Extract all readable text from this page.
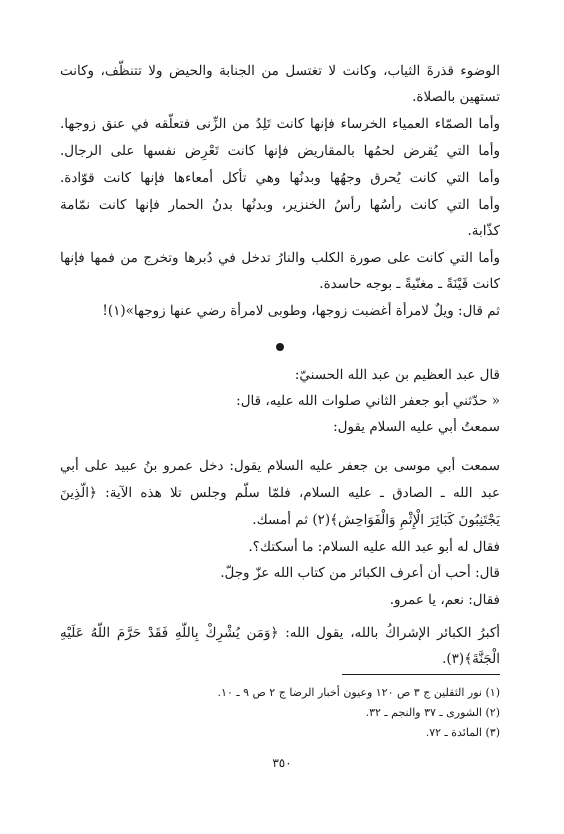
الوضوء قذرةَ الثياب، وكانت لا تغتسل من الجنابة والحيض ولا تتنظّف، وكانت
تستهين بالصلاة.
وأما الصمّاء العمياء الخرساء فإنها كانت تَلِدُ من الزِّنى فتعلّقه في عنق زوجها.
وأما التي يُقرض لحمُها بالمقاريض فإنها كانت تَعْرِض نفسها على الرجال.
وأما التي كانت يُحرق وجهُها وبدنُها وهي تأكل أمعاءها فإنها كانت قوّادة.
وأما التي كانت رأسُها رأسُ الخنزير، وبدنُها بدنُ الحمار فإنها كانت نمّامة
كذّابة.
وأما التي كانت على صورة الكلب والنارُ تدخل في دُبرها وتخرج من فمها فإنها
كانت قَيْنَةً ـ مغنّيةً ـ بوجه حاسدة.
ثم قال: ويلٌ لامرأة أغضبت زوجها، وطوبى لامرأة رضي عنها زوجها»(١)!
قال عبد العظيم بن عبد الله الحسنيّ:
« حدّثني أبو جعفر الثاني صلوات الله عليه، قال:
سمعتُ أبي عليه السلام يقول:
سمعت أبي موسى بن جعفر عليه السلام يقول: دخل عمرو بنُ عبيد على أبي
عبد الله ـ الصادق ـ عليه السلام، فلمّا سلّم وجلس تلا هذه الآية: ﴿الَّذِينَ
يَجْتَنِبُونَ كَبَائِرَ الْإِثْمِ وَالْفَوَاحِش﴾(٢) ثم أمسك.
فقال له أبو عبد الله عليه السلام: ما أسكتك؟.
قال: أحب أن أعرف الكبائر من كتاب الله عزّ وجلّ.
فقال: نعم، يا عمرو.
أكبرُ الكبائر الإشراكُ بالله، يقول الله: ﴿وَمَن يُشْرِكْ بِاللَّهِ فَقَدْ حَرَّمَ اللَّهُ عَلَيْهِ
الْجَنَّةَ﴾(٣).
(١) نور الثقلين ج ٣ ص ١٢٠ وعيون أخبار الرضا ج ٢ ص ٩ ـ ١٠.
(٢) الشورى ـ ٣٧ والنجم ـ ٣٢.
(٣) المائدة ـ ٧٢.
٣٥٠
